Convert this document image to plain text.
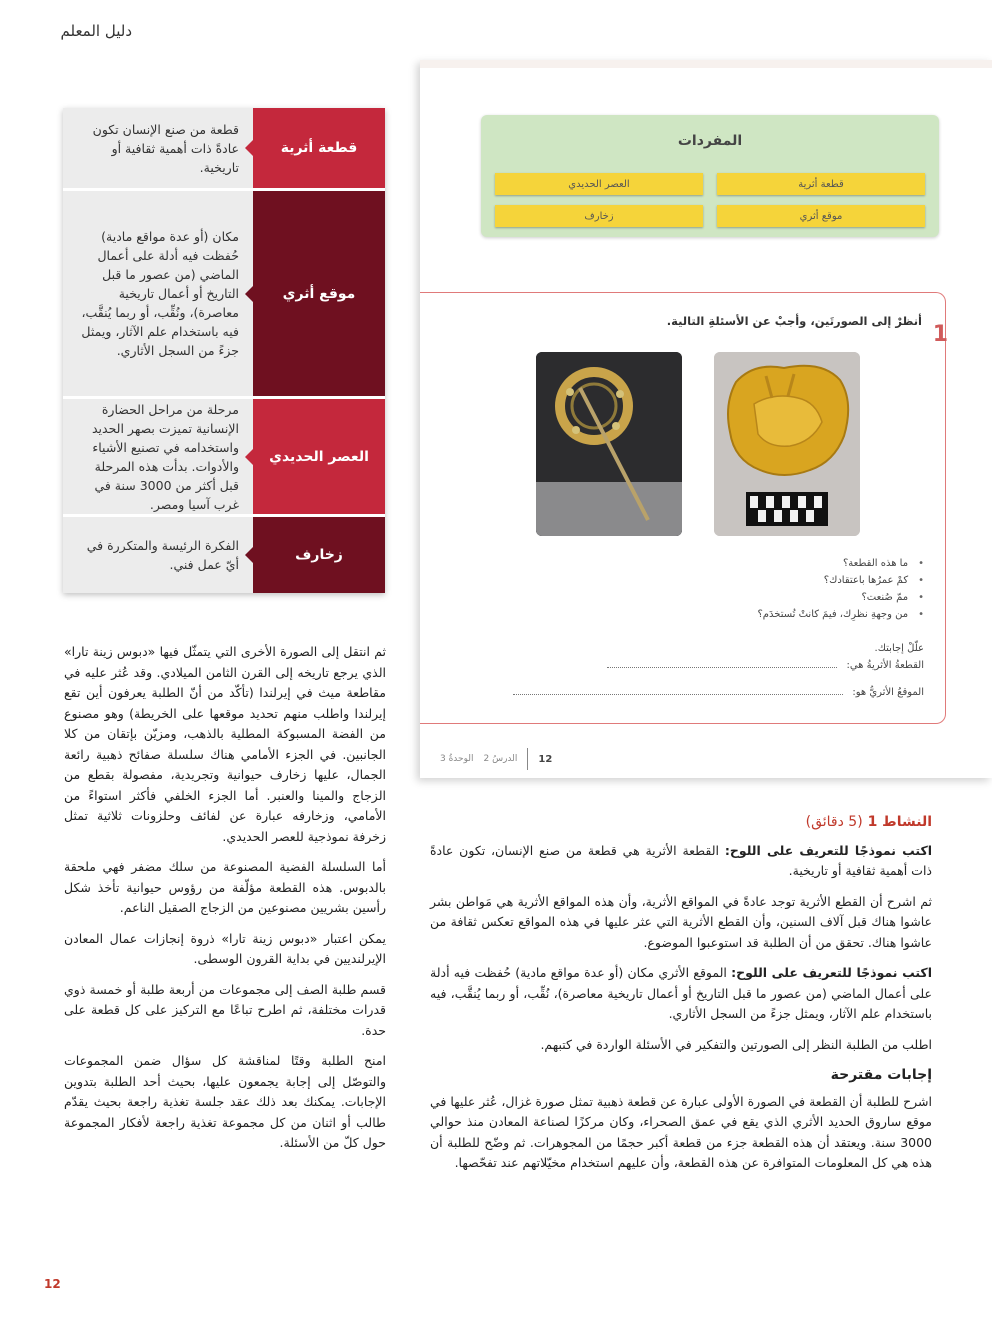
دليل المعلم
قطعة أثرية
قطعة من صنع الإنسان تكون عادةً ذات أهمية ثقافية أو تاريخية.
موقع أثري
مكان (أو عدة مواقع مادية) حُفظت فيه أدلة على أعمال الماضي (من عصور ما قبل التاريخ أو أعمال تاريخية معاصرة)، ونُقِّب، أو ربما يُنقَّب، فيه باستخدام علم الآثار، ويمثل جزءً من السجل الأثاري.
العصر الحديدي
مرحلة من مراحل الحضارة الإنسانية تميزت بصهر الحديد واستخدامه في تصنيع الأشياء والأدوات. بدأت هذه المرحلة قبل أكثر من 3000 سنة في غرب آسيا ومصر.
زخارف
الفكرة الرئيسة والمتكررة في أيّ عمل فني.

ثم انتقل إلى الصورة الأخرى التي يتمثّل فيها «دبوس زينة تارا» الذي يرجع تاريخه إلى القرن الثامن الميلادي. وقد عُثر عليه في مقاطعة ميث في إيرلندا (تأكّد من أنّ الطلبة يعرفون أين تقع إيرلندا واطلب منهم تحديد موقعها على الخريطة) وهو مصنوع من الفضة المسبوكة المطلية بالذهب، ومزيّن بإتقان من كلا الجانبين. في الجزء الأمامي هناك سلسلة صفائح ذهبية رائعة الجمال، عليها زخارف حيوانية وتجريدية، مفصولة بقطع من الزجاج والمينا والعنبر. أما الجزء الخلفي فأكثر استواءً من الأمامي، وزخارفه عبارة عن لفائف وحلزونات ثلاثية تمثل زخرفة نموذجية للعصر الحديدي.

أما السلسلة الفضية المصنوعة من سلك مضفر فهي ملحقة بالدبوس. هذه القطعة مؤلّفة من رؤوس حيوانية تأخذ شكل رأسين بشريين مصنوعين من الزجاج الصقيل الناعم.

يمكن اعتبار «دبوس زينة تارا» ذروة إنجازات عمال المعادن الإيرلنديين في بداية القرون الوسطى.

قسم طلبة الصف إلى مجموعات من أربعة طلبة أو خمسة ذوي قدرات مختلفة، ثم اطرح تباعًا مع التركيز على كل قطعة على حدة.

امنح الطلبة وقتًا لمناقشة كل سؤال ضمن المجموعات والتوصّل إلى إجابة يجمعون عليها، بحيث أحد الطلبة بتدوين الإجابات. يمكنك بعد ذلك عقد جلسة تغذية راجعة بحيث يقدّم طالب أو اثنان من كل مجموعة تغذية راجعة لأفكار المجموعة حول كلّ من الأسئلة.

المفردات
قطعة أثرية
العصر الحديدي
موقع أثري
زخارف
1
أنظرْ إلى الصورتَين، وأجبْ عن الأسئلةِ التالية.
• ما هذه القطعة؟
• كمْ عمرُها باعتقادك؟
• ممّ صُنعت؟
• من وجهةِ نظرِك، فيمَ كانتْ تُستخدَم؟
علّلْ إجابتك.
القطعةُ الأثريةُ هي:
الموقعُ الأثريُّ هو:
12
الدرسُ 2
الوحدةُ 3
النشاط 1 (5 دقائق)

اكتب نموذجًا للتعريف على اللوح: القطعة الأثرية هي قطعة من صنع الإنسان، تكون عادةً ذات أهمية ثقافية أو تاريخية.

ثم اشرح أن القطع الأثرية توجد عادةً في المواقع الأثرية، وأن هذه المواقع الأثرية هي مَواطن بشر عاشوا هناك قبل آلاف السنين، وأن القطع الأثرية التي عثر عليها في هذه المواقع تعكس ثقافة من عاشوا هناك. تحقق من أن الطلبة قد استوعبوا الموضوع.

اكتب نموذجًا للتعريف على اللوح: الموقع الأثري مكان (أو عدة مواقع مادية) حُفظت فيه أدلة على أعمال الماضي (من عصور ما قبل التاريخ أو أعمال تاريخية معاصرة)، نُقِّب، أو ربما يُنقَّب، فيه باستخدام علم الآثار، ويمثل جزءً من السجل الأثاري.

اطلب من الطلبة النظر إلى الصورتين والتفكير في الأسئلة الواردة في كتبهم.

إجابات مقترحة

اشرح للطلبة أن القطعة في الصورة الأولى عبارة عن قطعة ذهبية تمثل صورة غزال، عُثر عليها في موقع ساروق الحديد الأثري الذي يقع في عمق الصحراء، وكان مركزًا لصناعة المعادن منذ حوالي 3000 سنة. ويعتقد أن هذه القطعة جزء من قطعة أكبر حجمًا من المجوهرات. ثم وضّح للطلبة أن هذه هي كل المعلومات المتوافرة عن هذه القطعة، وأن عليهم استخدام مخيّلاتهم عند تفحّصها.

12
